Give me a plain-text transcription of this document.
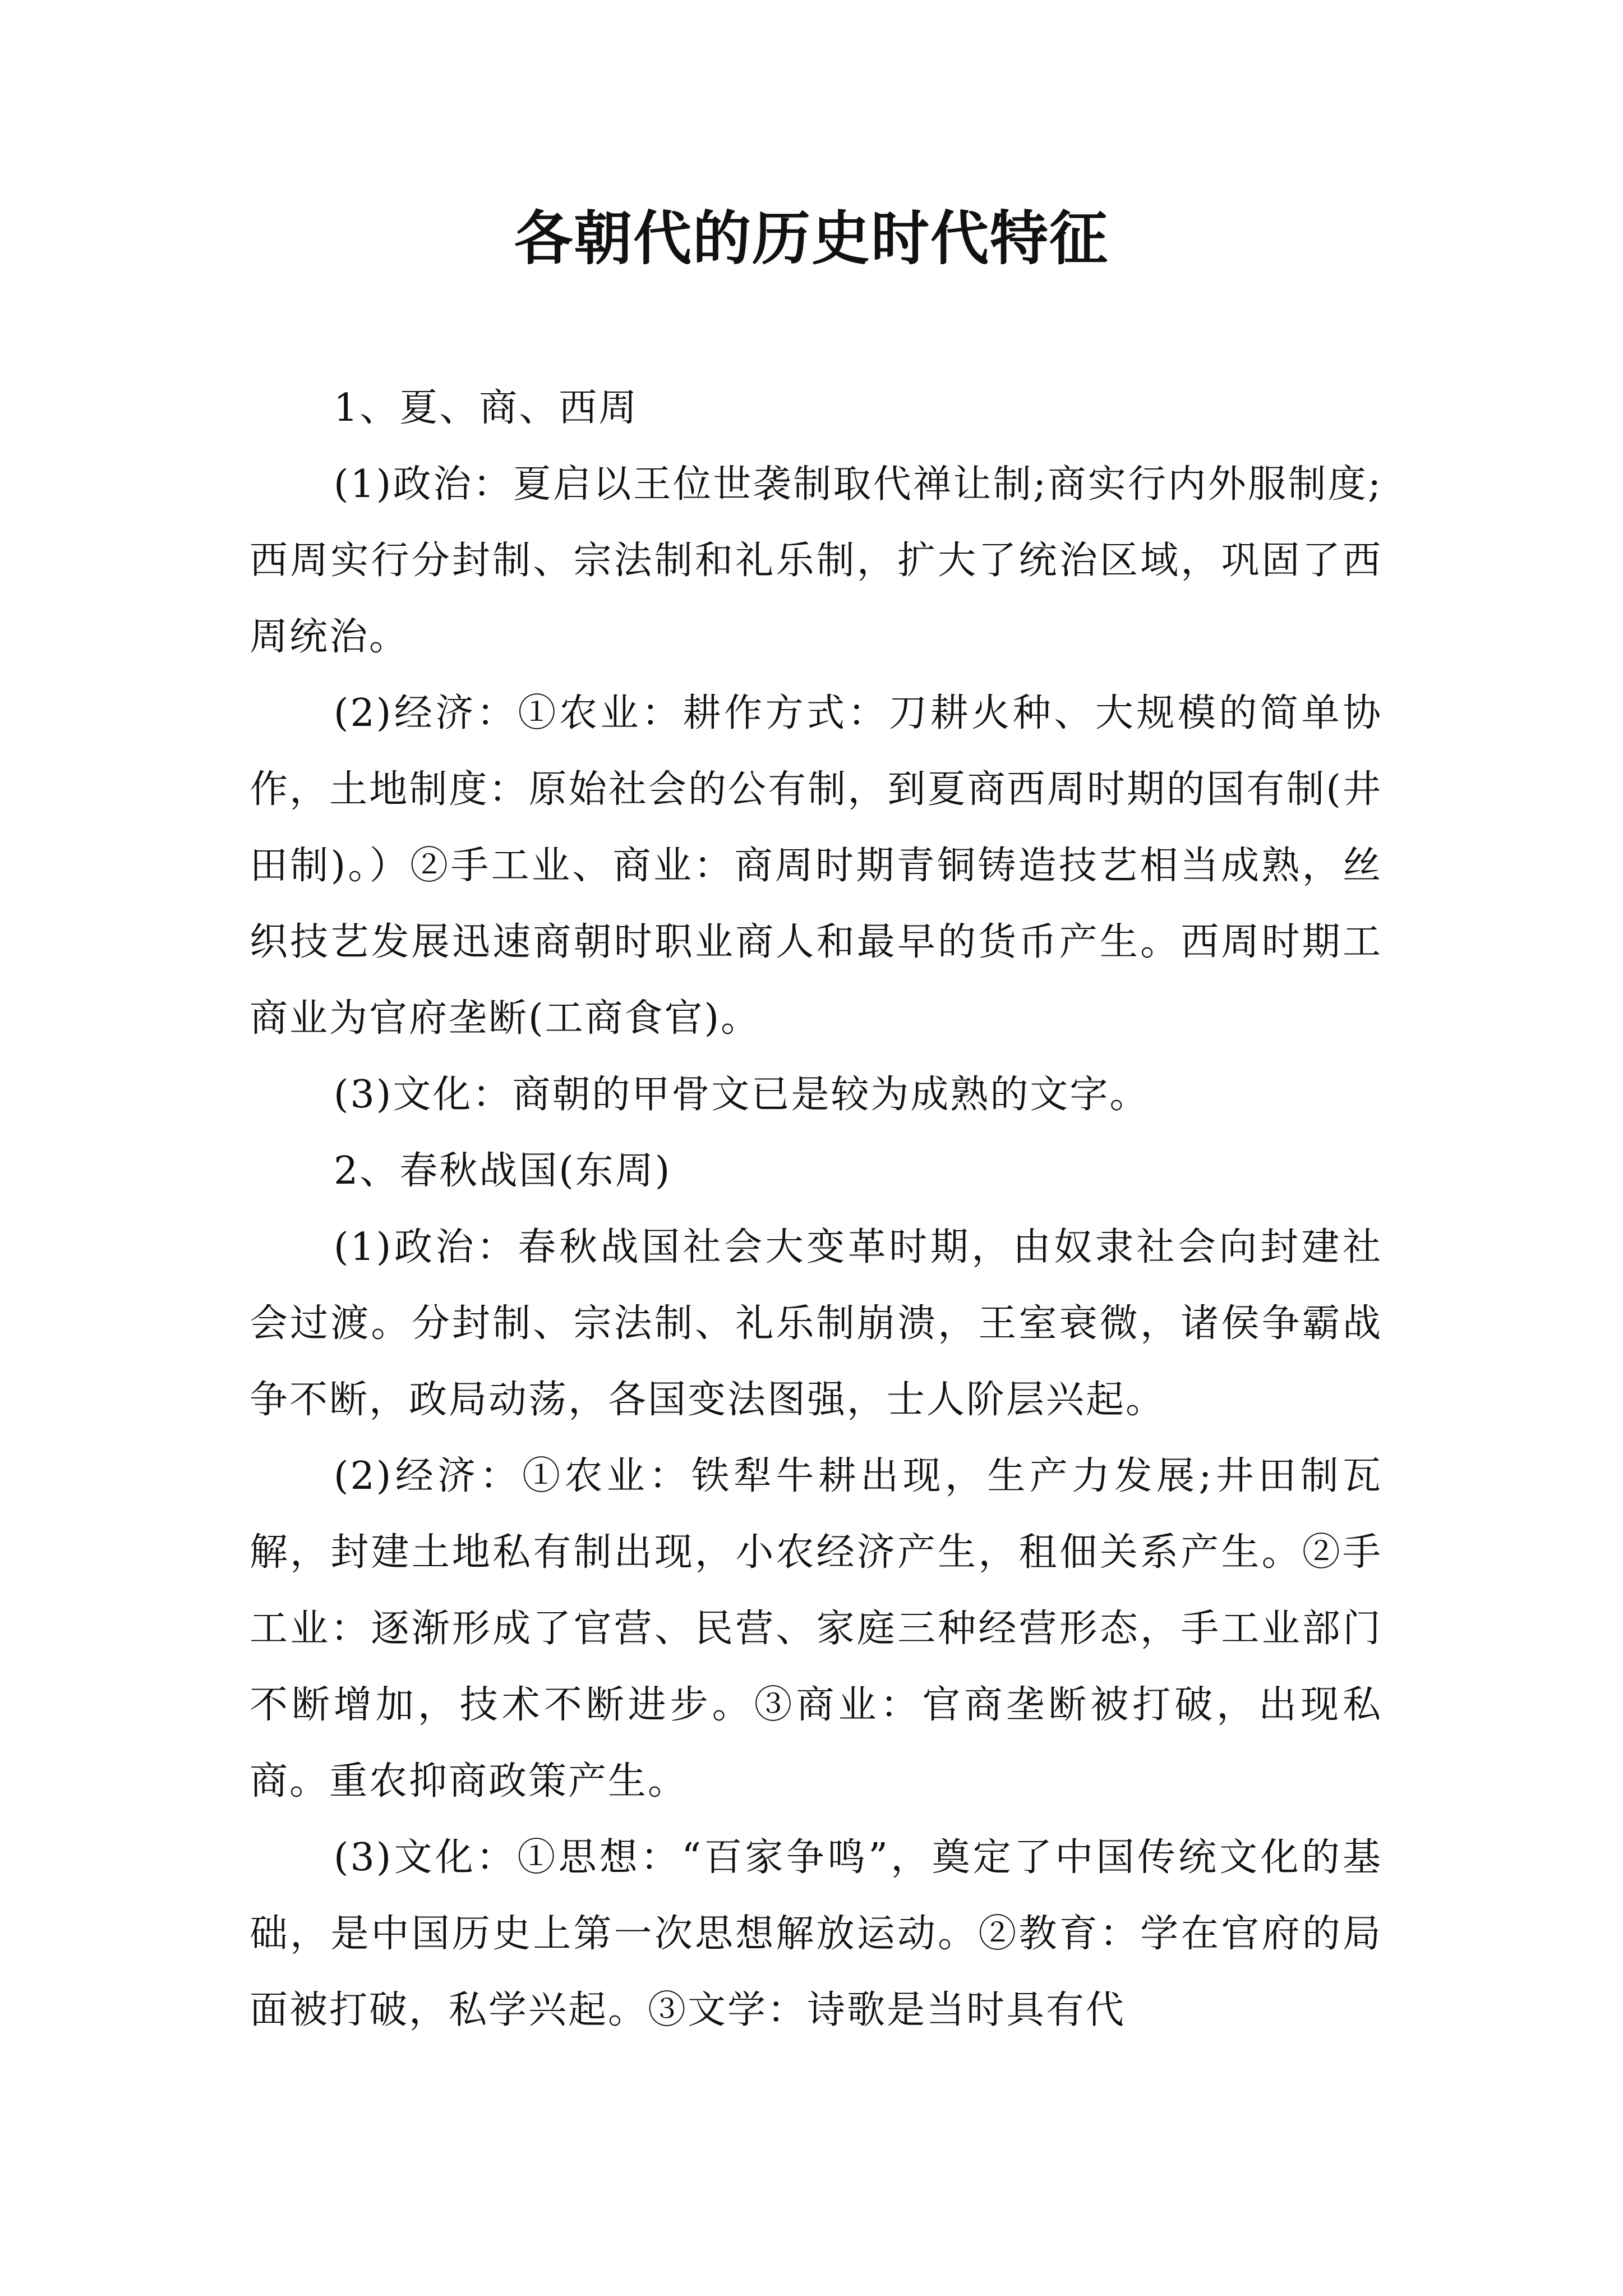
各朝代的历史时代特征

1、夏、商、西周

(1)政治：夏启以王位世袭制取代禅让制;商实行内外服制度;西周实行分封制、宗法制和礼乐制，扩大了统治区域，巩固了西周统治。

(2)经济：①农业：耕作方式：刀耕火种、大规模的简单协作，土地制度：原始社会的公有制，到夏商西周时期的国有制(井田制)。）②手工业、商业：商周时期青铜铸造技艺相当成熟，丝织技艺发展迅速商朝时职业商人和最早的货币产生。西周时期工商业为官府垄断(工商食官)。

(3)文化：商朝的甲骨文已是较为成熟的文字。

2、春秋战国(东周)

(1)政治：春秋战国社会大变革时期，由奴隶社会向封建社会过渡。分封制、宗法制、礼乐制崩溃，王室衰微，诸侯争霸战争不断，政局动荡，各国变法图强，士人阶层兴起。

(2)经济：①农业：铁犁牛耕出现，生产力发展;井田制瓦解，封建土地私有制出现，小农经济产生，租佃关系产生。②手工业：逐渐形成了官营、民营、家庭三种经营形态，手工业部门不断增加，技术不断进步。③商业：官商垄断被打破，出现私商。重农抑商政策产生。

(3)文化：①思想：“百家争鸣”，奠定了中国传统文化的基础，是中国历史上第一次思想解放运动。②教育：学在官府的局面被打破，私学兴起。③文学：诗歌是当时具有代
